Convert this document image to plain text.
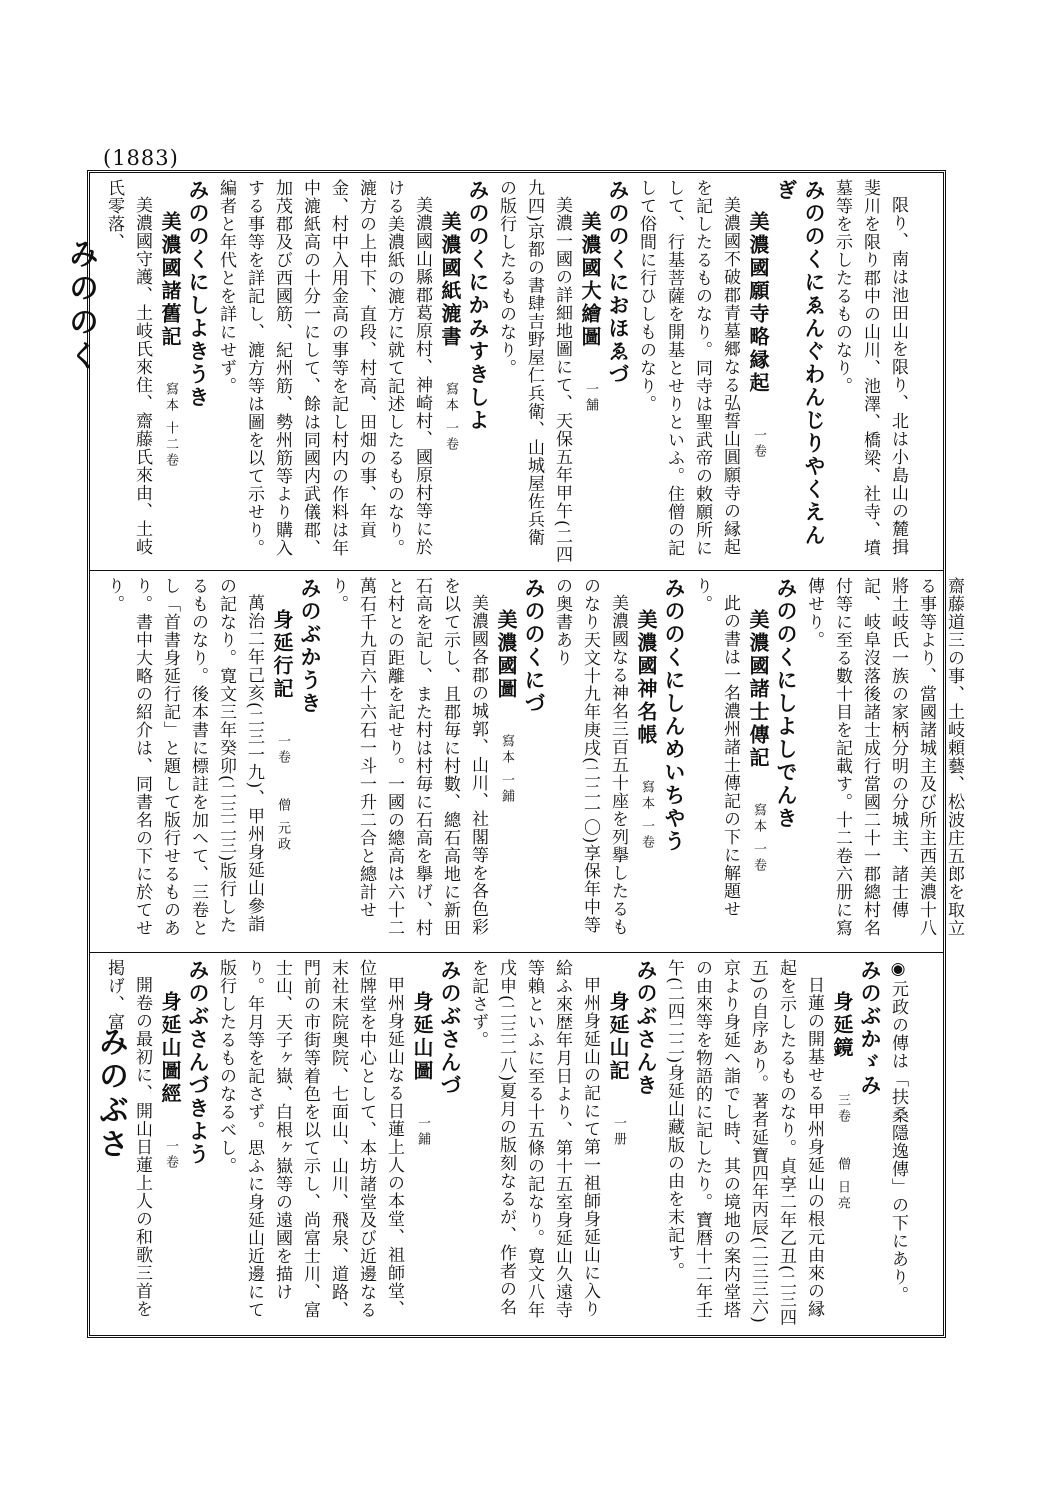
(1883)
みののく
みのぶさ

限り、南は池田山を限り、北は小島山の麓揖斐川を限り郡中の山川、池澤、橋梁、社寺、墳墓等を示したるものなり。

みののくにゑんぐわんじりやくえんぎ

美濃國願寺略縁起一卷

美濃國不破郡青墓郷なる弘誓山圓願寺の縁起を記したるものなり。同寺は聖武帝の敕願所にして、行基菩薩を開基とせりといふ。住僧の記して俗間に行ひしものなり。

みののくにおほゑづ

美濃國大繪圖一舗

美濃一國の詳細地圖にて、天保五年甲午(二四九四)京都の書肆吉野屋仁兵衛、山城屋佐兵衛の版行したるものなり。

みののくにかみすきしよ

美濃國紙漉書寫本 一卷

美濃國山縣郡葛原村、神崎村、國原村等に於ける美濃紙の漉方に就て記述したるものなり。漉方の上中下、直段、村高、田畑の事、年貢金、村中入用金高の事等を記し村内の作料は年中漉紙高の十分一にして、餘は同國内武儀郡、加茂郡及び西國筋、紀州筋、勢州筋等より購入する事等を詳記し、漉方等は圖を以て示せり。編者と年代とを詳にせず。

みののくにしよきうき

美濃國諸舊記寫本 十二卷

美濃國守護、土岐氏來住、齋藤氏來由、土岐氏零落、

齋藤道三の事、土岐頼藝、松波庄五郎を取立る事等より、當國諸城主及び所主西美濃十八將土岐氏一族の家柄分明の分城主、諸士傳記、岐阜沒落後諸士成行當國二十一郡總村名付等に至る數十目を記載す。十二卷六册に寫傳せり。

みののくにしよしでんき

美濃國諸士傳記寫本 一卷

此の書は一名濃州諸士傳記の下に解題せり。

みののくにしんめいちやう

美濃國神名帳寫本 一卷

美濃國なる神名三百五十座を列擧したるものなり天文十九年庚戌(二二一〇)享保年中等の奥書あり

みののくにづ

美濃國圖寫本 一鋪

美濃國各郡の城郭、山川、社閣等を各色彩を以て示し、且郡毎に村數、總石高地に新田石高を記し、また村は村毎に石高を擧げ、村と村との距離を記せり。一國の總高は六十二萬石千九百六十六石一斗一升二合と總計せり。

みのぶかうき

身延行記一卷僧 元政

萬治二年己亥(二三一九)、甲州身延山參詣の記なり。寛文三年癸卯(二三二三)版行したるものなり。後本書に標註を加へて、三卷とし「首書身延行記」と題して版行せるものあり。書中大略の紹介は、同書名の下に於てせり。

◉元政の傳は「扶桑隱逸傳」の下にあり。

みのぶかゞみ

身延鏡三卷僧 日亮

日蓮の開基せる甲州身延山の根元由來の縁起を示したるものなり。貞享二年乙丑(二三四五)の自序あり。著者延寶四年丙辰(二三三六)京より身延へ詣でし時、其の境地の案内堂塔の由來等を物語的に記したり。寶暦十二年壬午(二四二二)身延山藏版の由を末記す。

みのぶさんき

身延山記一册

甲州身延山の記にて第一祖師身延山に入り給ふ來歴年月日より、第十五室身延山久遠寺等賴といふに至る十五條の記なり。寛文八年戊申(二三二八)夏月の版刻なるが、作者の名を記さず。

みのぶさんづ

身延山圖一鋪

甲州身延山なる日蓮上人の本堂、祖師堂、位牌堂を中心として、本坊諸堂及び近邊なる末社末院奥院、七面山、山川、飛泉、道路、門前の市街等着色を以て示し、尚富士川、富士山、天子ヶ嶽、白根ヶ嶽等の遠國を描けり。年月等を記さず。思ふに身延山近邊にて版行したるものなるべし。

みのぶさんづきよう

身延山圖經一卷

開卷の最初に、開山日蓮上人の和歌三首を掲げ、富
